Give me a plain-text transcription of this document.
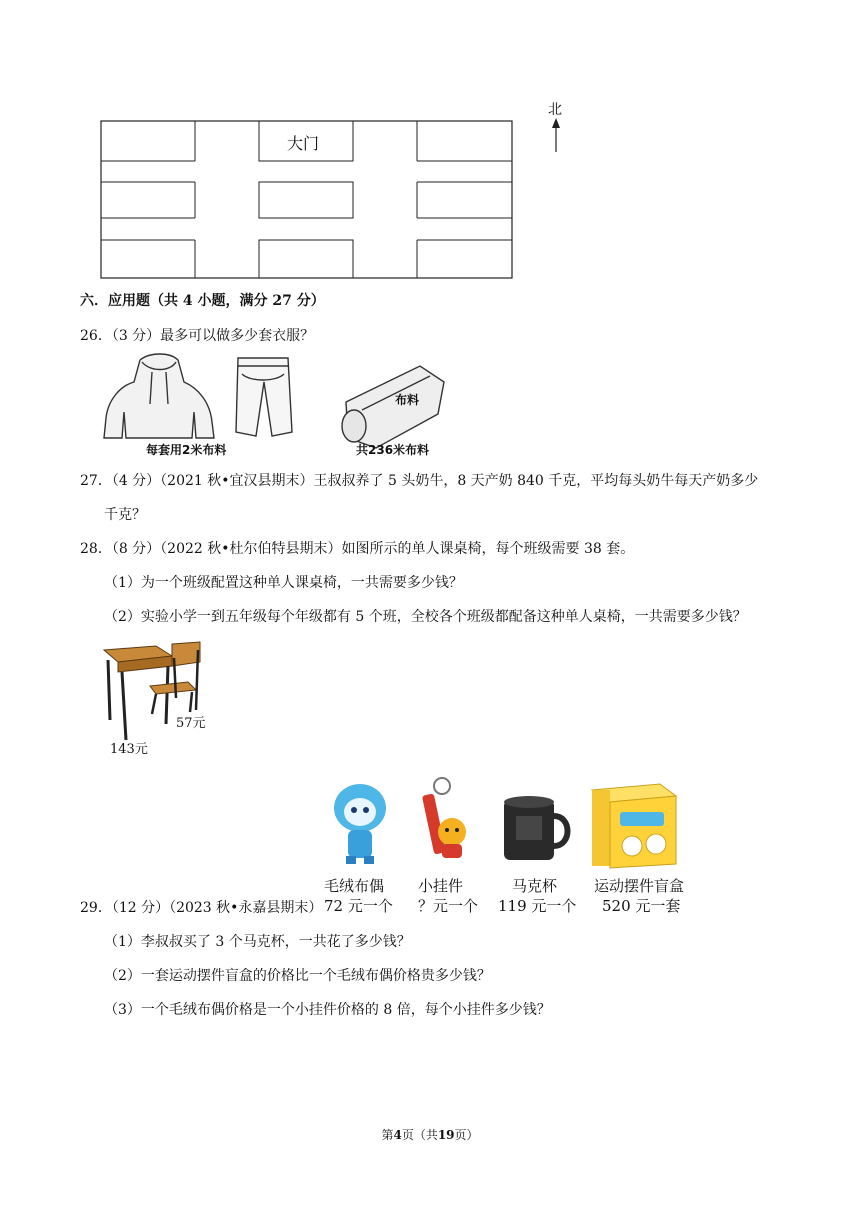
大门
北
六．应用题（共 4 小题，满分 27 分）
26．（3 分）最多可以做多少套衣服？
布料
每套用2米布料	共236米布料
27．（4 分）（2021 秋•宜汉县期末）王叔叔养了 5 头奶牛，8 天产奶 840 千克，平均每头奶牛每天产奶多少
千克？
28．（8 分）（2022 秋•杜尔伯特县期末）如图所示的单人课桌椅，每个班级需要 38 套。
（1）为一个班级配置这种单人课桌椅，一共需要多少钱？
（2）实验小学一到五年级每个年级都有 5 个班，全校各个班级都配备这种单人桌椅，一共需要多少钱？
57元
143元
毛绒布偶
72 元一个
小挂件
？元一个
马克杯
119 元一个
运动摆件盲盒
520 元一套
29．（12 分）（2023 秋•永嘉县期末）
（1）李叔叔买了 3 个马克杯，一共花了多少钱？
（2）一套运动摆件盲盒的价格比一个毛绒布偶价格贵多少钱？
（3）一个毛绒布偶价格是一个小挂件价格的 8 倍，每个小挂件多少钱？
第4页（共19页）
